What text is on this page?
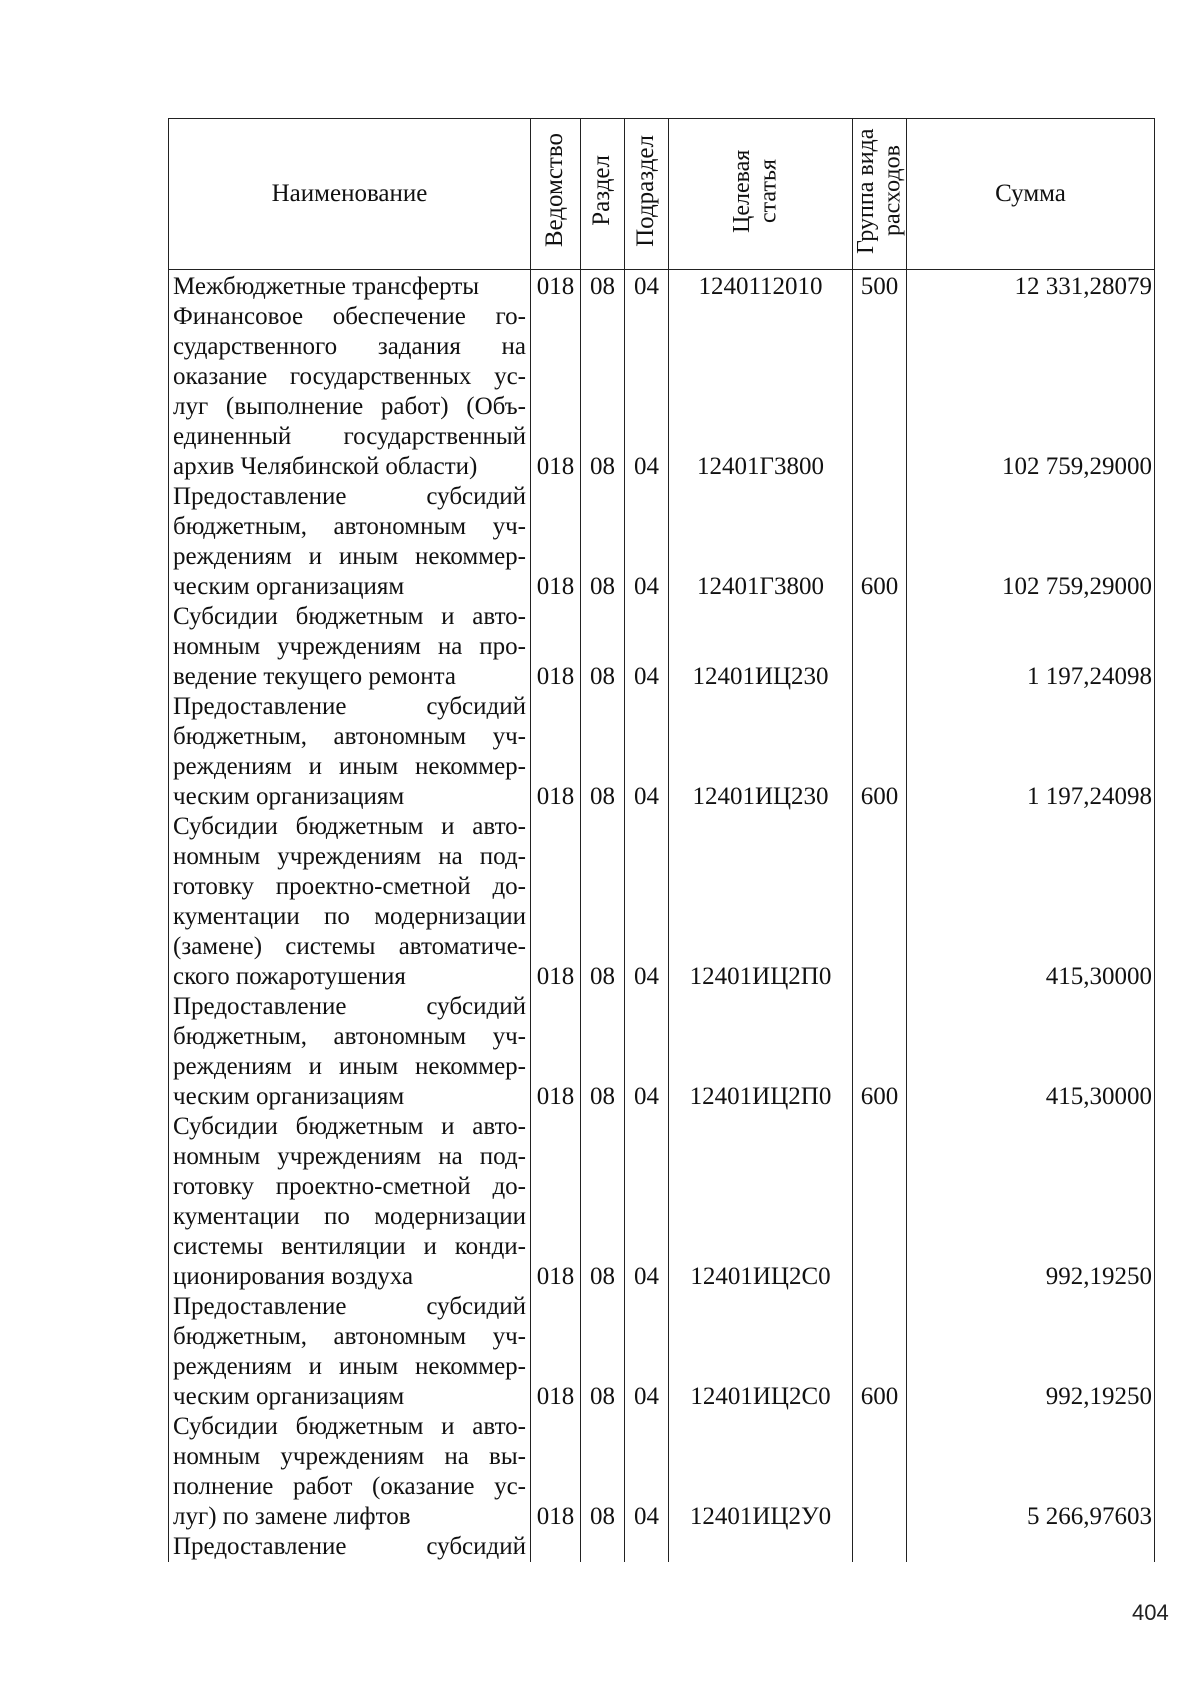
Наименование	Ведомство	Раздел	Подраздел	Целевая статья	Группа вида расходов	Сумма
Межбюджетные трансферты	018	08	04	1240112010	500	12 331,28079
Финансовое обеспечение го-сударственного задания на оказание государственных ус-луг (выполнение работ) (Объ-единенный государственный архив Челябинской области)	018	08	04	12401Г3800		102 759,29000
Предоставление субсидий бюджетным, автономным уч-реждениям и иным некоммер-ческим организациям	018	08	04	12401Г3800	600	102 759,29000
Субсидии бюджетным и авто-номным учреждениям на про-ведение текущего ремонта	018	08	04	12401ИЦ230		1 197,24098
Предоставление субсидий бюджетным, автономным уч-реждениям и иным некоммер-ческим организациям	018	08	04	12401ИЦ230	600	1 197,24098
Субсидии бюджетным и авто-номным учреждениям на под-готовку проектно-сметной до-кументации по модернизации (замене) системы автоматиче-ского пожаротушения	018	08	04	12401ИЦ2П0		415,30000
Предоставление субсидий бюджетным, автономным уч-реждениям и иным некоммер-ческим организациям	018	08	04	12401ИЦ2П0	600	415,30000
Субсидии бюджетным и авто-номным учреждениям на под-готовку проектно-сметной до-кументации по модернизации системы вентиляции и конди-ционирования воздуха	018	08	04	12401ИЦ2С0		992,19250
Предоставление субсидий бюджетным, автономным уч-реждениям и иным некоммер-ческим организациям	018	08	04	12401ИЦ2С0	600	992,19250
Субсидии бюджетным и авто-номным учреждениям на вы-полнение работ (оказание ус-луг) по замене лифтов	018	08	04	12401ИЦ2У0		5 266,97603
Предоставление субсидий						
404
